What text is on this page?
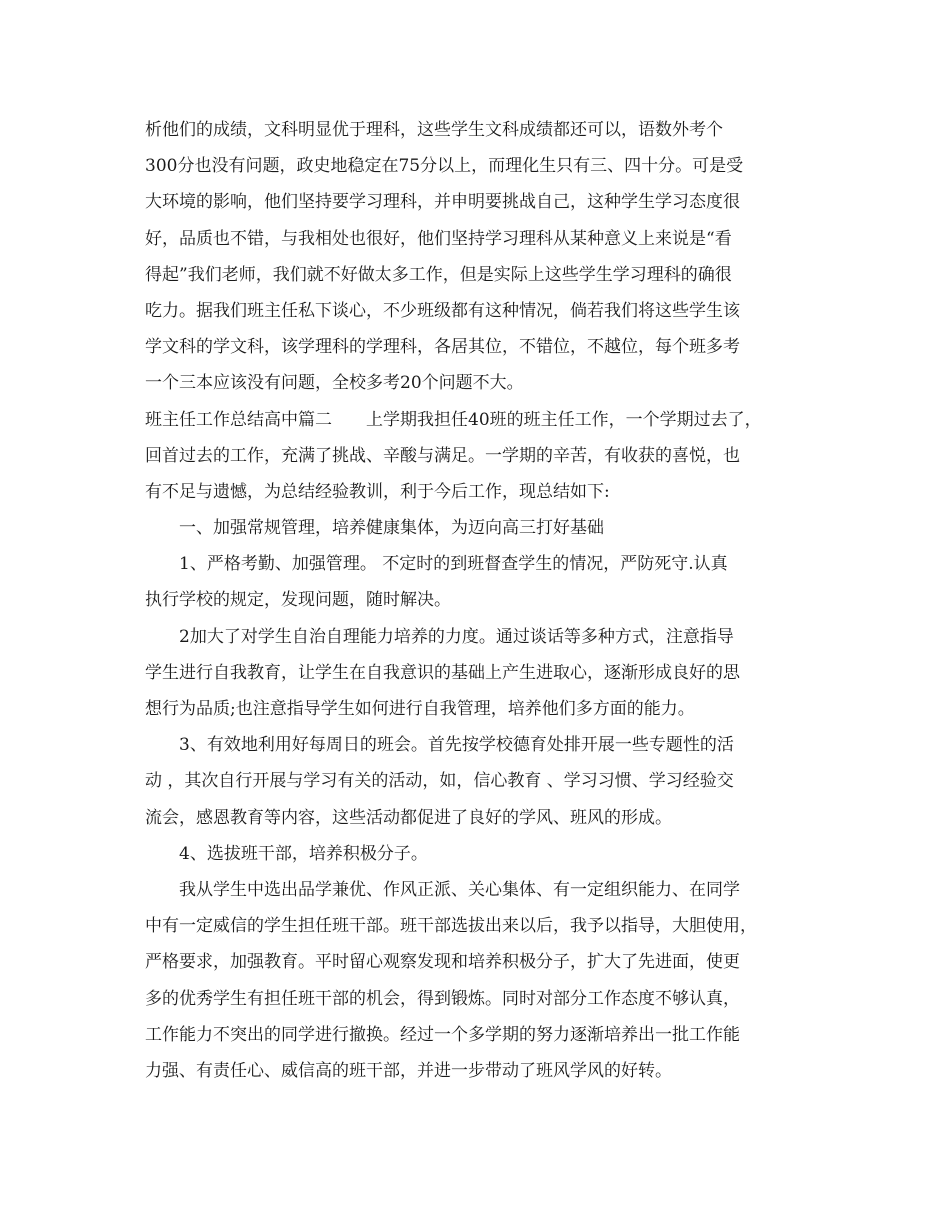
析他们的成绩，文科明显优于理科，这些学生文科成绩都还可以，语数外考个
300分也没有问题，政史地稳定在75分以上，而理化生只有三、四十分。可是受
大环境的影响，他们坚持要学习理科，并申明要挑战自己，这种学生学习态度很
好，品质也不错，与我相处也很好，他们坚持学习理科从某种意义上来说是“看
得起”我们老师，我们就不好做太多工作，但是实际上这些学生学习理科的确很
吃力。据我们班主任私下谈心，不少班级都有这种情况，倘若我们将这些学生该
学文科的学文科，该学理科的学理科，各居其位，不错位，不越位，每个班多考
一个三本应该没有问题，全校多考20个问题不大。
班主任工作总结高中篇二　　上学期我担任40班的班主任工作，一个学期过去了，
回首过去的工作，充满了挑战、辛酸与满足。一学期的辛苦，有收获的喜悦，也
有不足与遗憾，为总结经验教训，利于今后工作，现总结如下:
　　一、加强常规管理，培养健康集体，为迈向高三打好基础
　　1、严格考勤、加强管理。 不定时的到班督查学生的情况，严防死守.认真
执行学校的规定，发现问题，随时解决。
　　2加大了对学生自治自理能力培养的力度。通过谈话等多种方式，注意指导
学生进行自我教育，让学生在自我意识的基础上产生进取心，逐渐形成良好的思
想行为品质;也注意指导学生如何进行自我管理，培养他们多方面的能力。
　　3、有效地利用好每周日的班会。首先按学校德育处排开展一些专题性的活
动 ，其次自行开展与学习有关的活动，如，信心教育 、学习习惯、学习经验交
流会，感恩教育等内容，这些活动都促进了良好的学风、班风的形成。
　　4、选拔班干部，培养积极分子。
　　我从学生中选出品学兼优、作风正派、关心集体、有一定组织能力、在同学
中有一定威信的学生担任班干部。班干部选拔出来以后，我予以指导，大胆使用，
严格要求，加强教育。平时留心观察发现和培养积极分子，扩大了先进面，使更
多的优秀学生有担任班干部的机会，得到锻炼。同时对部分工作态度不够认真，
工作能力不突出的同学进行撤换。经过一个多学期的努力逐渐培养出一批工作能
力强、有责任心、威信高的班干部，并进一步带动了班风学风的好转。
